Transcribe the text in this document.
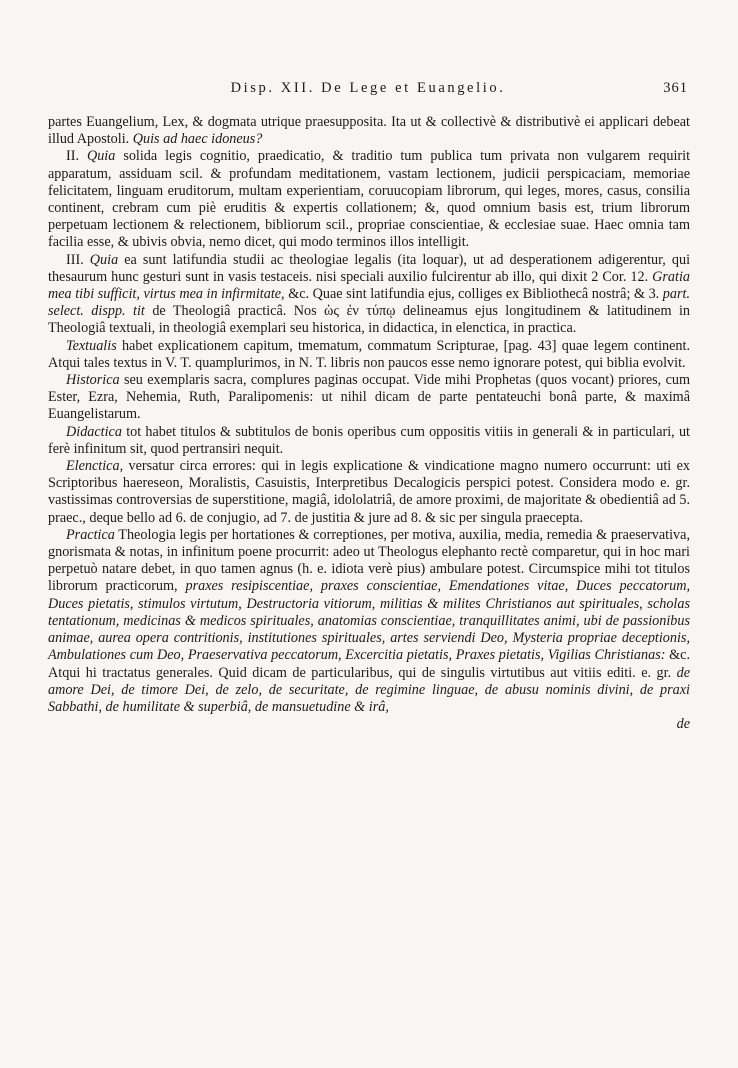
Disp. XII. De Lege et Euangelio.	361

partes Euangelium, Lex, & dogmata utrique praesupposita. Ita ut & collectivè & distributivè ei applicari debeat illud Apostoli. Quis ad haec idoneus?

II. Quia solida legis cognitio, praedicatio, & traditio tum publica tum privata non vulgarem requirit apparatum, assiduam scil. & profundam meditationem, vastam lectionem, judicii perspicaciam, memoriae felicitatem, linguam eruditorum, multam experientiam, coruucopiam librorum, qui leges, mores, casus, consilia continent, crebram cum piè eruditis & expertis collationem; &, quod omnium basis est, trium librorum perpetuam lectionem & relectionem, bibliorum scil., propriae conscientiae, & ecclesiae suae. Haec omnia tam facilia esse, & ubivis obvia, nemo dicet, qui modo terminos illos intelligit.

III. Quia ea sunt latifundia studii ac theologiae legalis (ita loquar), ut ad desperationem adigerentur, qui thesaurum hunc gesturi sunt in vasis testaceis. nisi speciali auxilio fulcirentur ab illo, qui dixit 2 Cor. 12. Gratia mea tibi sufficit, virtus mea in infirmitate, &c. Quae sint latifundia ejus, colliges ex Bibliothecâ nostrâ; & 3. part. select. dispp. tit de Theologiâ practicâ. Nos ὡς ἐν τύπῳ delineamus ejus longitudinem & latitudinem in Theologiâ textuali, in theologiâ exemplari seu historica, in didactica, in elenctica, in practica.

Textualis habet explicationem capitum, tmematum, commatum Scripturae, [pag. 43] quae legem continent. Atqui tales textus in V. T. quamplurimos, in N. T. libris non paucos esse nemo ignorare potest, qui biblia evolvit.

Historica seu exemplaris sacra, complures paginas occupat. Vide mihi Prophetas (quos vocant) priores, cum Ester, Ezra, Nehemia, Ruth, Paralipomenis: ut nihil dicam de parte pentateuchi bonâ parte, & maximâ Euangelistarum.

Didactica tot habet titulos & subtitulos de bonis operibus cum oppositis vitiis in generali & in particulari, ut ferè infinitum sit, quod pertransiri nequit.

Elenctica, versatur circa errores: qui in legis explicatione & vindicatione magno numero occurrunt: uti ex Scriptoribus haereseon, Moralistis, Casuistis, Interpretibus Decalogicis perspici potest. Considera modo e. gr. vastissimas controversias de superstitione, magiâ, idololatriâ, de amore proximi, de majoritate & obedientiâ ad 5. praec., deque bello ad 6. de conjugio, ad 7. de justitia & jure ad 8. & sic per singula praecepta.

Practica Theologia legis per hortationes & correptiones, per motiva, auxilia, media, remedia & praeservativa, gnorismata & notas, in infinitum poene procurrit: adeo ut Theologus elephanto rectè comparetur, qui in hoc mari perpetuò natare debet, in quo tamen agnus (h. e. idiota verè pius) ambulare potest. Circumspice mihi tot titulos librorum practicorum, praxes resipiscentiae, praxes conscientiae, Emendationes vitae, Duces peccatorum, Duces pietatis, stimulos virtutum, Destructoria vitiorum, militias & milites Christianos aut spirituales, scholas tentationum, medicinas & medicos spirituales, anatomias conscientiae, tranquillitates animi, ubi de passionibus animae, aurea opera contritionis, institutiones spirituales, artes serviendi Deo, Mysteria propriae deceptionis, Ambulationes cum Deo, Praeservativa peccatorum, Excercitia pietatis, Praxes pietatis, Vigilias Christianas: &c. Atqui hi tractatus generales. Quid dicam de particularibus, qui de singulis virtutibus aut vitiis editi. e. gr. de amore Dei, de timore Dei, de zelo, de securitate, de regimine linguae, de abusu nominis divini, de praxi Sabbathi, de humilitate & superbiâ, de mansuetudine & irâ,

de
